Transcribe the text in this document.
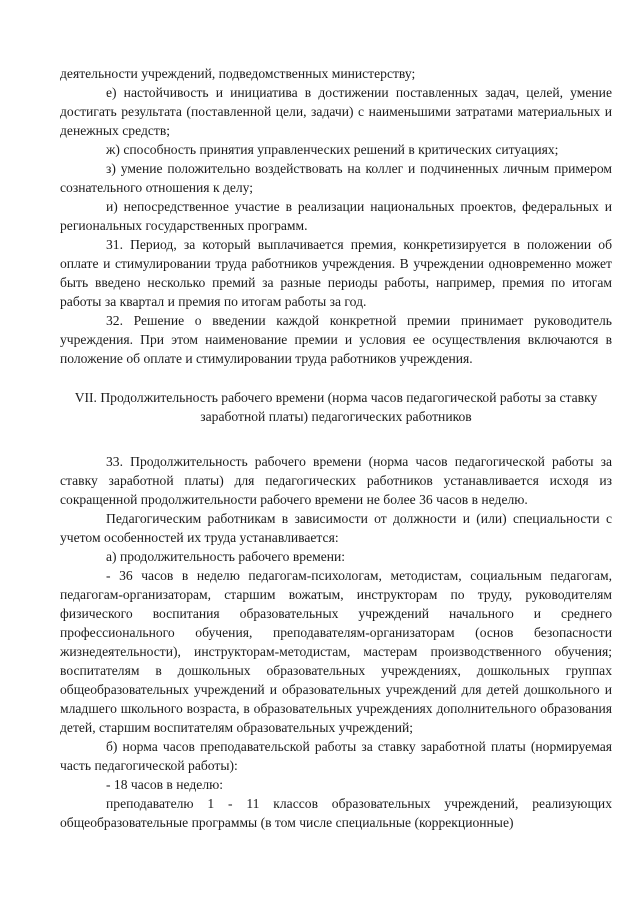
деятельности учреждений, подведомственных министерству;

е) настойчивость и инициатива в достижении поставленных задач, целей, умение достигать результата (поставленной цели, задачи) с наименьшими затратами материальных и денежных средств;

ж) способность принятия управленческих решений в критических ситуациях;

з) умение положительно воздействовать на коллег и подчиненных личным примером сознательного отношения к делу;

и) непосредственное участие в реализации национальных проектов, федеральных и региональных государственных программ.

31. Период, за который выплачивается премия, конкретизируется в положении об оплате и стимулировании труда работников учреждения. В учреждении одновременно может быть введено несколько премий за разные периоды работы, например, премия по итогам работы за квартал и премия по итогам работы за год.

32. Решение о введении каждой конкретной премии принимает руководитель учреждения. При этом наименование премии и условия ее осуществления включаются в положение об оплате и стимулировании труда работников учреждения.

VII. Продолжительность рабочего времени (норма часов педагогической работы за ставку заработной платы) педагогических работников

33. Продолжительность рабочего времени (норма часов педагогической работы за ставку заработной платы) для педагогических работников устанавливается исходя из сокращенной продолжительности рабочего времени не более 36 часов в неделю.

Педагогическим работникам в зависимости от должности и (или) специальности с учетом особенностей их труда устанавливается:

а) продолжительность рабочего времени:

- 36 часов в неделю педагогам-психологам, методистам, социальным педагогам, педагогам-организаторам, старшим вожатым, инструкторам по труду, руководителям физического воспитания образовательных учреждений начального и среднего профессионального обучения, преподавателям-организаторам (основ безопасности жизнедеятельности), инструкторам-методистам, мастерам производственного обучения; воспитателям в дошкольных образовательных учреждениях, дошкольных группах общеобразовательных учреждений и образовательных учреждений для детей дошкольного и младшего школьного возраста, в образовательных учреждениях дополнительного образования детей, старшим воспитателям образовательных учреждений;

б) норма часов преподавательской работы за ставку заработной платы (нормируемая часть педагогической работы):

- 18 часов в неделю:

преподавателю 1 - 11 классов образовательных учреждений, реализующих общеобразовательные программы (в том числе специальные (коррекционные)
